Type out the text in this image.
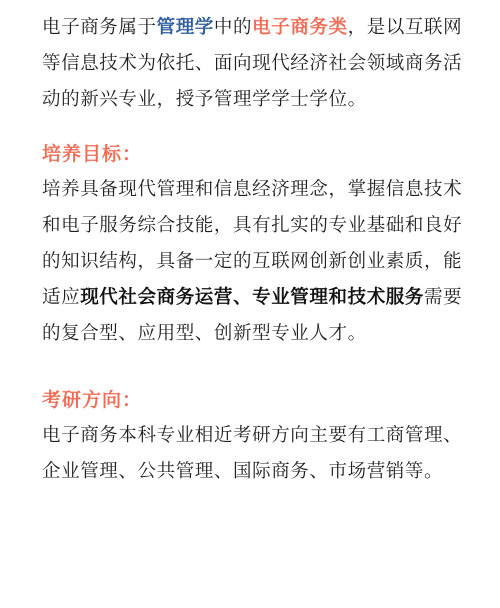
电子商务属于管理学中的电子商务类，是以互联网等信息技术为依托、面向现代经济社会领域商务活动的新兴专业，授予管理学学士学位。

培养目标：

培养具备现代管理和信息经济理念，掌握信息技术和电子服务综合技能，具有扎实的专业基础和良好的知识结构，具备一定的互联网创新创业素质，能适应现代社会商务运营、专业管理和技术服务需要的复合型、应用型、创新型专业人才。

考研方向：

电子商务本科专业相近考研方向主要有工商管理、企业管理、公共管理、国际商务、市场营销等。
